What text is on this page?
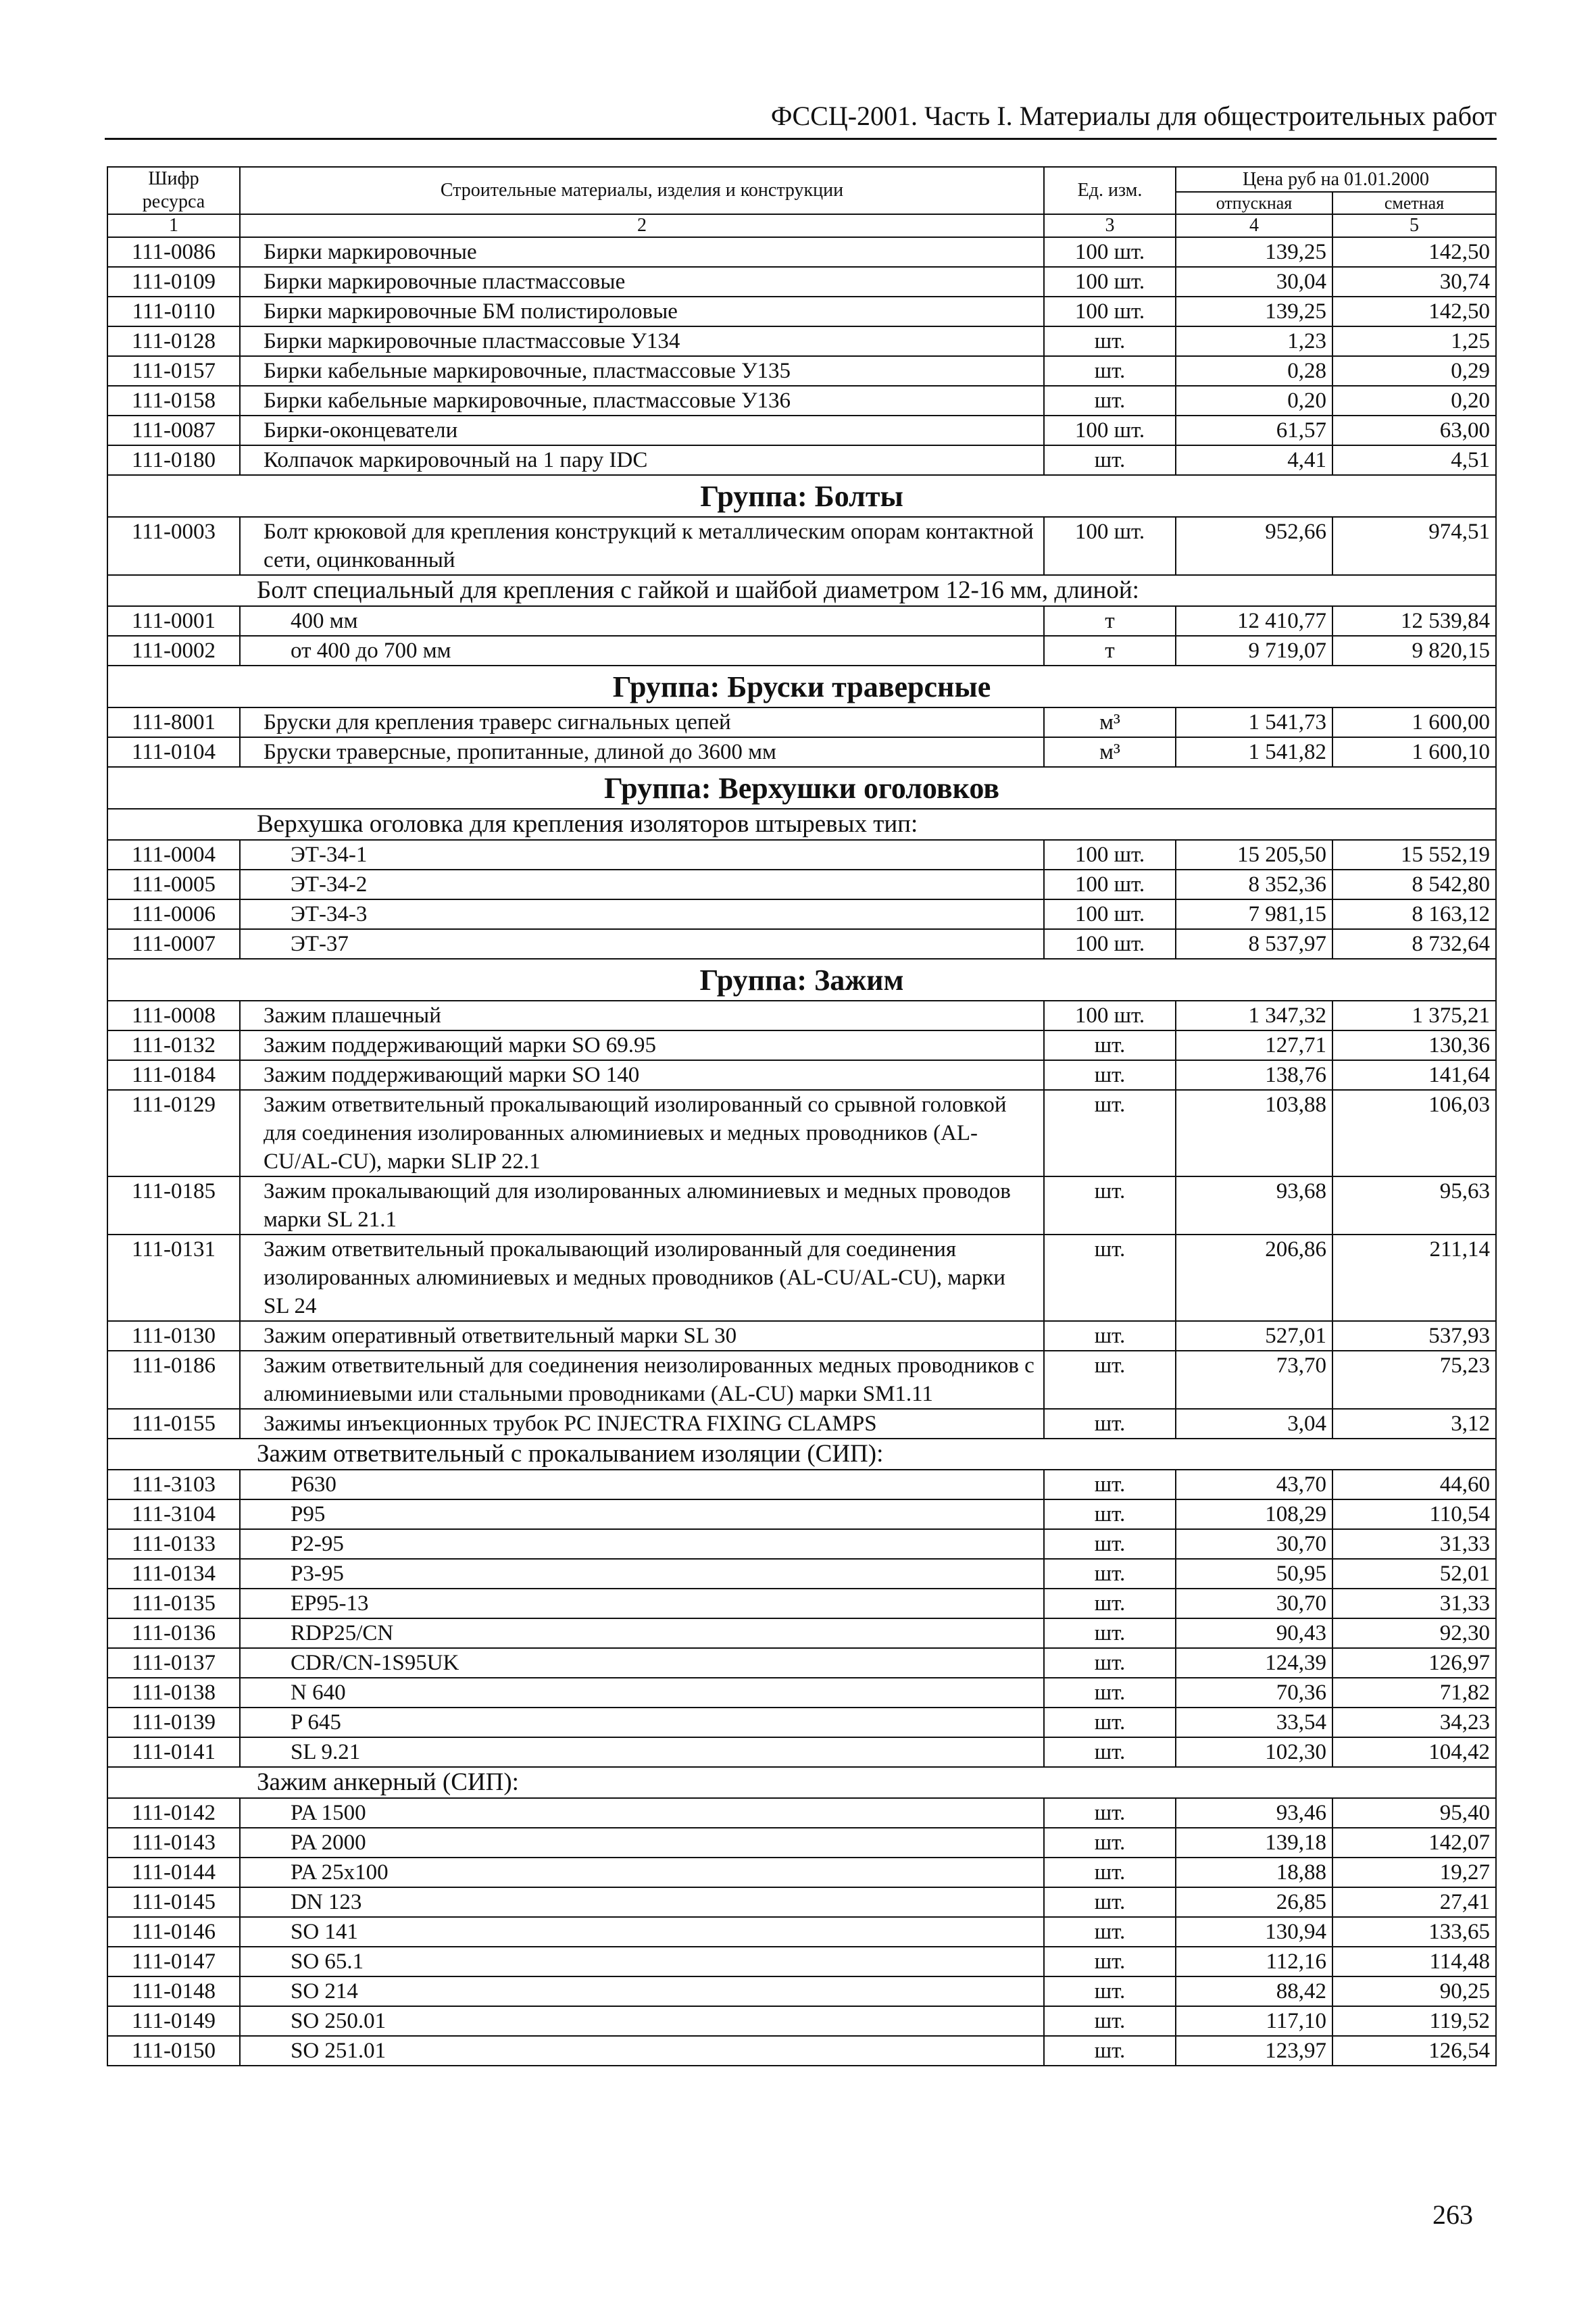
ФССЦ-2001. Часть I. Материалы для общестроительных работ
Шифр ресурса	Строительные материалы, изделия и конструкции	Ед. изм.	Цена руб на 01.01.2000	
			отпускная	сметная
1	2	3	4	5
111-0086	Бирки маркировочные	100 шт.	139,25	142,50
111-0109	Бирки маркировочные пластмассовые	100 шт.	30,04	30,74
111-0110	Бирки маркировочные БМ полистироловые	100 шт.	139,25	142,50
111-0128	Бирки маркировочные пластмассовые У134	шт.	1,23	1,25
111-0157	Бирки кабельные маркировочные, пластмассовые У135	шт.	0,28	0,29
111-0158	Бирки кабельные маркировочные, пластмассовые У136	шт.	0,20	0,20
111-0087	Бирки-оконцеватели	100 шт.	61,57	63,00
111-0180	Колпачок маркировочный на 1 пару IDC	шт.	4,41	4,51
Группа: Болты				
111-0003	Болт крюковой для крепления конструкций к металлическим опорам контактной сети, оцинкованный	100 шт.	952,66	974,51
Болт специальный для крепления с гайкой и шайбой диаметром 12-16 мм, длиной:				
111-0001	400 мм	т	12 410,77	12 539,84
111-0002	от 400 до 700 мм	т	9 719,07	9 820,15
Группа: Бруски траверсные				
111-8001	Бруски для крепления траверс сигнальных цепей	м³	1 541,73	1 600,00
111-0104	Бруски траверсные, пропитанные, длиной до 3600 мм	м³	1 541,82	1 600,10
Группа: Верхушки оголовков				
Верхушка оголовка для крепления изоляторов штыревых тип:				
111-0004	ЭТ-34-1	100 шт.	15 205,50	15 552,19
111-0005	ЭТ-34-2	100 шт.	8 352,36	8 542,80
111-0006	ЭТ-34-3	100 шт.	7 981,15	8 163,12
111-0007	ЭТ-37	100 шт.	8 537,97	8 732,64
Группа: Зажим				
111-0008	Зажим плашечный	100 шт.	1 347,32	1 375,21
111-0132	Зажим поддерживающий марки SO 69.95	шт.	127,71	130,36
111-0184	Зажим поддерживающий марки SO 140	шт.	138,76	141,64
111-0129	Зажим ответвительный прокалывающий изолированный со срывной головкой для соединения изолированных алюминиевых и медных проводников (AL-CU/AL-CU), марки SLIP 22.1	шт.	103,88	106,03
111-0185	Зажим прокалывающий для изолированных алюминиевых и медных проводов марки SL 21.1	шт.	93,68	95,63
111-0131	Зажим ответвительный прокалывающий изолированный для соединения изолированных алюминиевых и медных проводников (AL-CU/AL-CU), марки SL 24	шт.	206,86	211,14
111-0130	Зажим оперативный ответвительный марки SL 30	шт.	527,01	537,93
111-0186	Зажим ответвительный для соединения неизолированных медных проводников с алюминиевыми или стальными проводниками (AL-CU) марки SM1.11	шт.	73,70	75,23
111-0155	Зажимы инъекционных трубок PC INJECTRA FIXING CLAMPS	шт.	3,04	3,12
Зажим ответвительный с прокалыванием изоляции (СИП):				
111-3103	P630	шт.	43,70	44,60
111-3104	P95	шт.	108,29	110,54
111-0133	P2-95	шт.	30,70	31,33
111-0134	P3-95	шт.	50,95	52,01
111-0135	EP95-13	шт.	30,70	31,33
111-0136	RDP25/CN	шт.	90,43	92,30
111-0137	CDR/CN-1S95UK	шт.	124,39	126,97
111-0138	N 640	шт.	70,36	71,82
111-0139	P 645	шт.	33,54	34,23
111-0141	SL 9.21	шт.	102,30	104,42
Зажим анкерный (СИП):				
111-0142	PA 1500	шт.	93,46	95,40
111-0143	PA 2000	шт.	139,18	142,07
111-0144	PA 25x100	шт.	18,88	19,27
111-0145	DN 123	шт.	26,85	27,41
111-0146	SO 141	шт.	130,94	133,65
111-0147	SO 65.1	шт.	112,16	114,48
111-0148	SO 214	шт.	88,42	90,25
111-0149	SO 250.01	шт.	117,10	119,52
111-0150	SO 251.01	шт.	123,97	126,54
263
